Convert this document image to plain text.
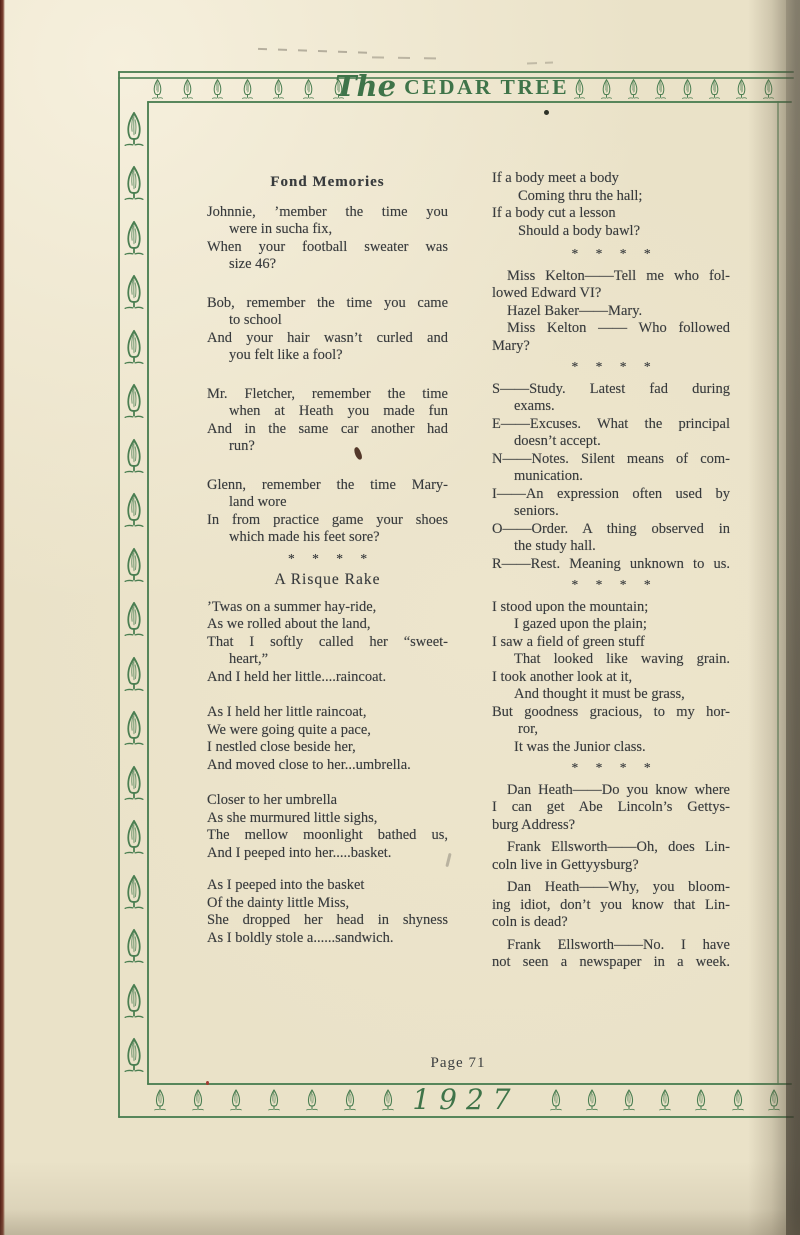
The CEDAR TREE
Fond Memories
Johnnie, ’member the time you
were in sucha fix,
When your football sweater was
size 46?
Bob, remember the time you came
to school
And your hair wasn’t curled and
you felt like a fool?
Mr. Fletcher, remember the time
when at Heath you made fun
And in the same car another had
run?
Glenn, remember the time Mary-
land wore
In from practice game your shoes
which made his feet sore?
* * * *
A Risque Rake
’Twas on a summer hay-ride,
As we rolled about the land,
That I softly called her “sweet-
heart,”
And I held her little....raincoat.
As I held her little raincoat,
We were going quite a pace,
I nestled close beside her,
And moved close to her...umbrella.
Closer to her umbrella
As she murmured little sighs,
The mellow moonlight bathed us,
And I peeped into her.....basket.
As I peeped into the basket
Of the dainty little Miss,
She dropped her head in shyness
As I boldly stole a......sandwich.
If a body meet a body
Coming thru the hall;
If a body cut a lesson
Should a body bawl?
* * * *
Miss Kelton——Tell me who fol-
lowed Edward VI?
Hazel Baker——Mary.
Miss Kelton —— Who followed
Mary?
* * * *
S——Study. Latest fad during
exams.
E——Excuses. What the principal
doesn’t accept.
N——Notes. Silent means of com-
munication.
I——An expression often used by
seniors.
O——Order. A thing observed in
the study hall.
R——Rest. Meaning unknown to us.
* * * *
I stood upon the mountain;
I gazed upon the plain;
I saw a field of green stuff
That looked like waving grain.
I took another look at it,
And thought it must be grass,
But goodness gracious, to my hor-
ror,
It was the Junior class.
* * * *
Dan Heath——Do you know where
I can get Abe Lincoln’s Gettys-
burg Address?
Frank Ellsworth——Oh, does Lin-
coln live in Gettyysburg?
Dan Heath——Why, you bloom-
ing idiot, don’t you know that Lin-
coln is dead?
Frank Ellsworth——No. I have
not seen a newspaper in a week.
Page 71
1927
